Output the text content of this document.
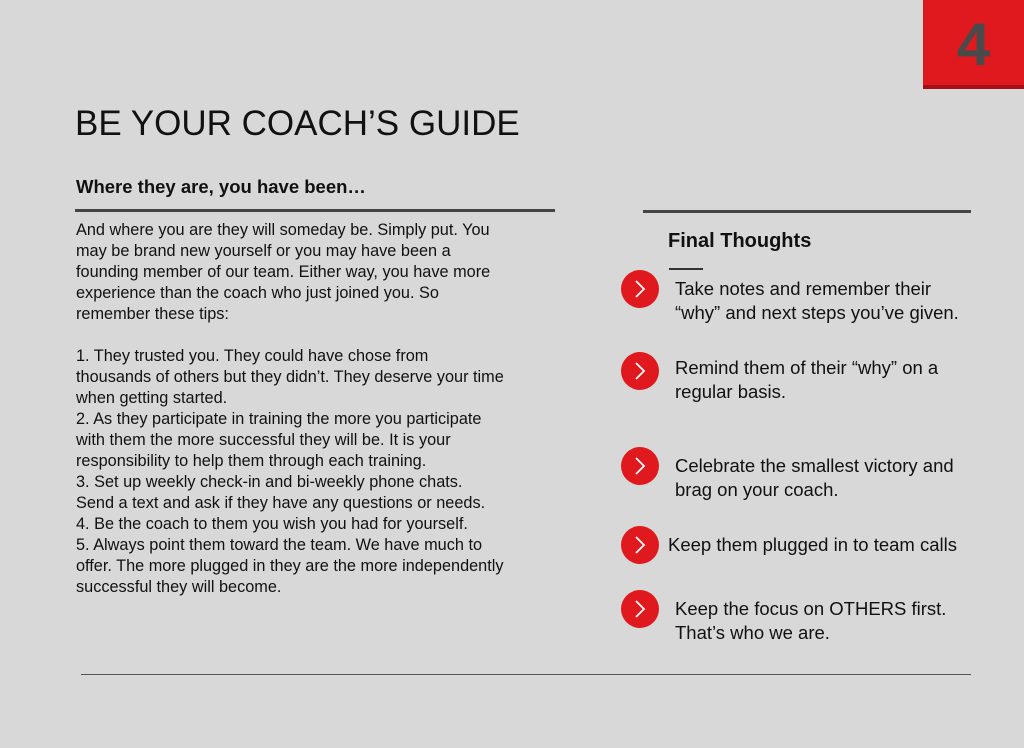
4
BE YOUR COACH’S GUIDE
Where they are, you have been…

And where you are they will someday be. Simply put. You

may be brand new yourself or you may have been a

founding member of our team. Either way, you have more

experience than the coach who just joined you. So

remember these tips:

1. They trusted you. They could have chose from

thousands of others but they didn’t. They deserve your time

when getting started.

2. As they participate in training the more you participate

with them the more successful they will be. It is your

responsibility to help them through each training.

3. Set up weekly check-in and bi-weekly phone chats.

Send a text and ask if they have any questions or needs.

4. Be the coach to them you wish you had for yourself.

5. Always point them toward the team. We have much to

offer. The more plugged in they are the more independently

successful they will become.

Final Thoughts
Take notes and remember their
“why” and next steps you’ve given.
Remind them of their “why” on a
regular basis.
Celebrate the smallest victory and
brag on your coach.
Keep them plugged in to team calls
Keep the focus on OTHERS first.
That’s who we are.
